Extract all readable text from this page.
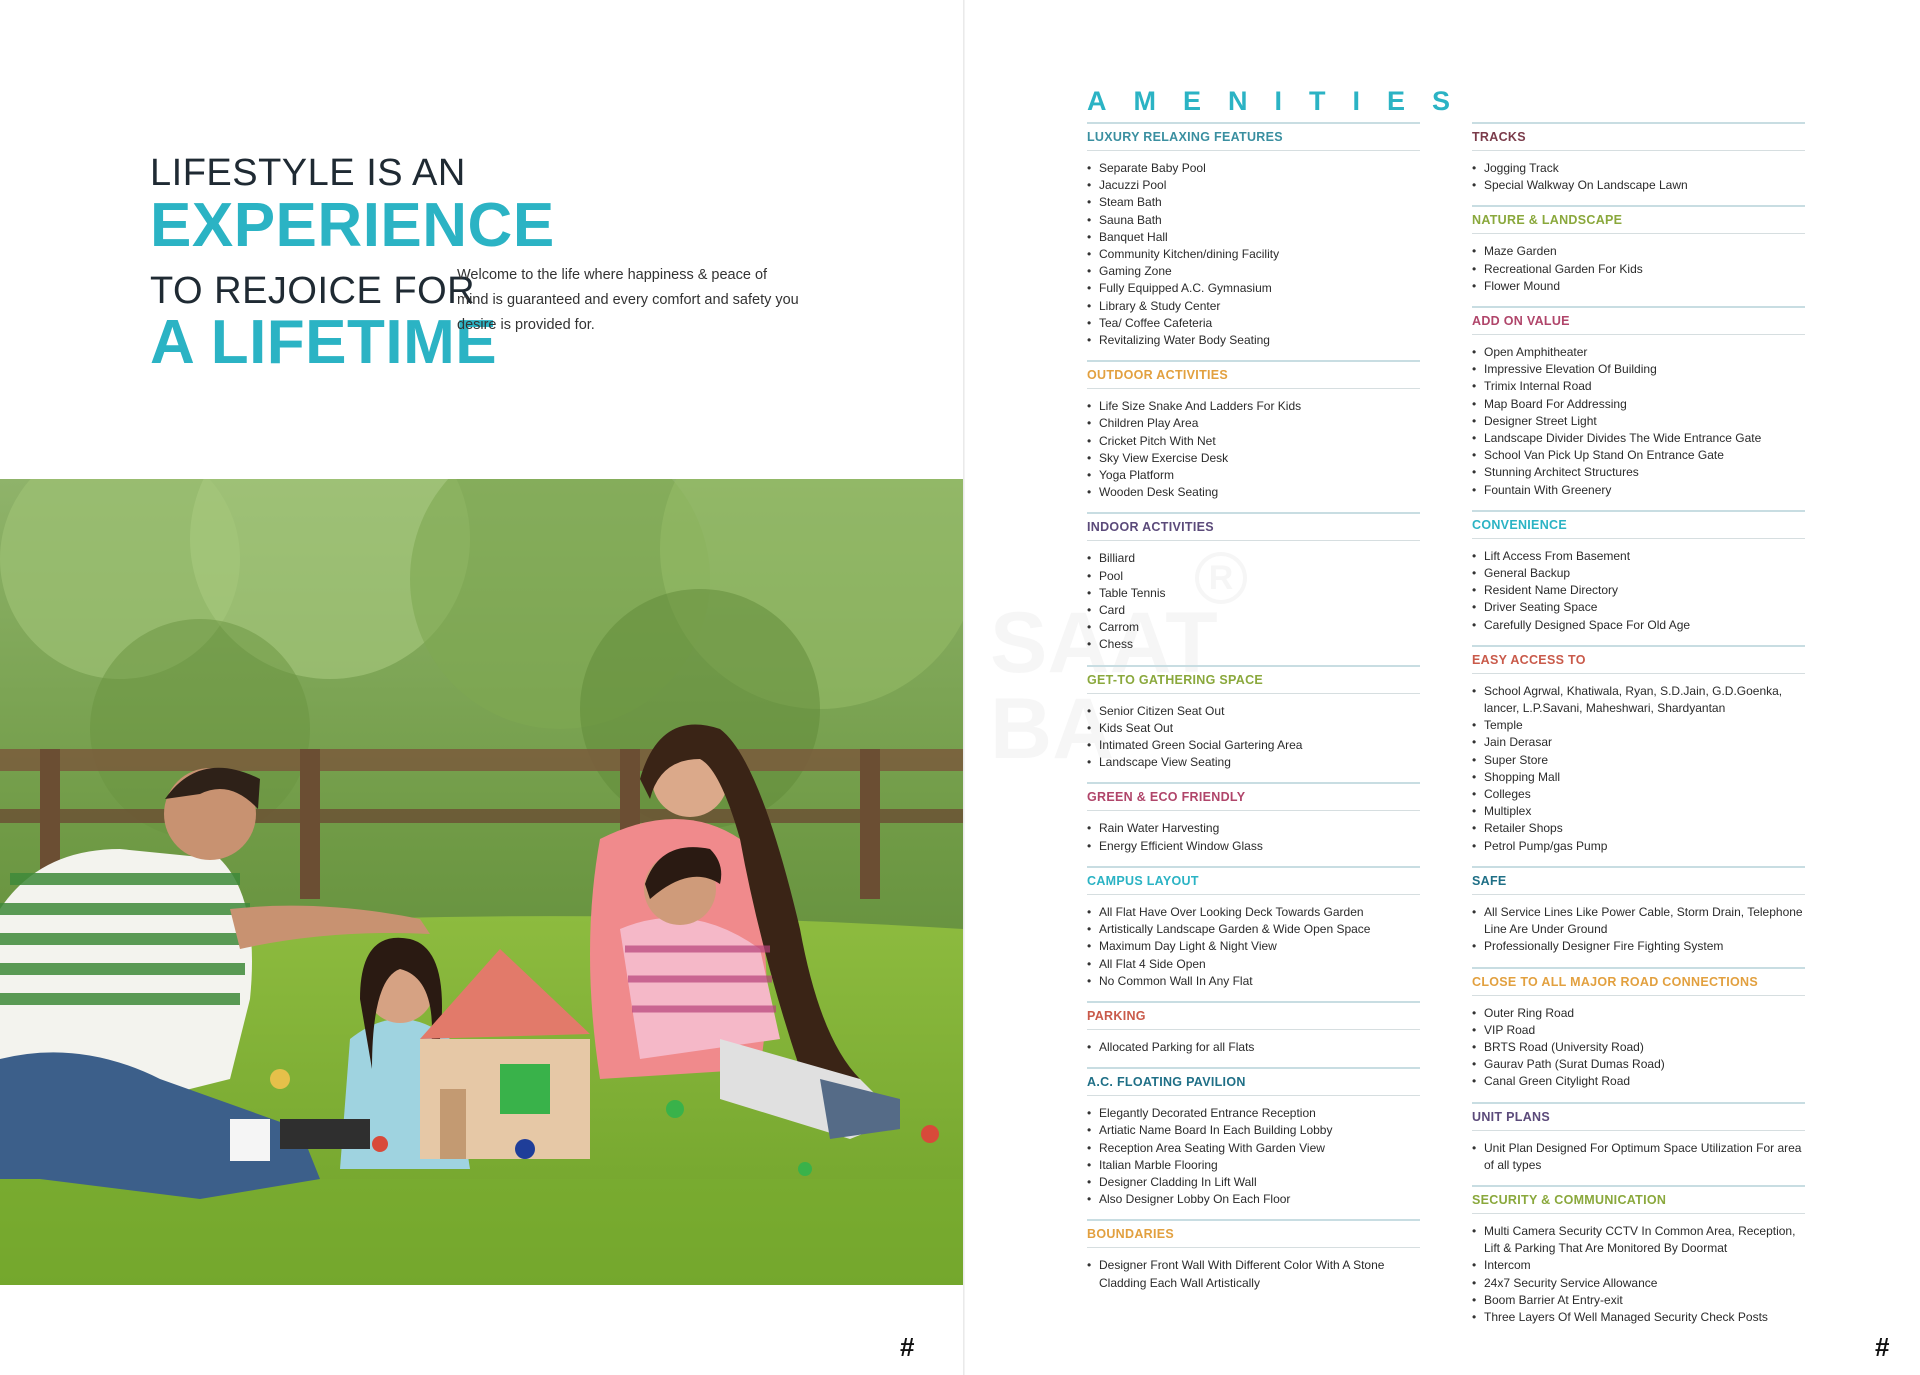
LIFESTYLE IS AN
EXPERIENCE
TO REJOICE FOR
A LIFETIME
Welcome to the life where happiness & peace of mind is guaranteed and every comfort and safety you desire is provided for.
#

AMENITIES
LUXURY RELAXING FEATURES
• Separate Baby Pool
• Jacuzzi Pool
• Steam Bath
• Sauna Bath
• Banquet Hall
• Community Kitchen/dining Facility
• Gaming Zone
• Fully Equipped A.C. Gymnasium
• Library & Study Center
• Tea/ Coffee Cafeteria
• Revitalizing Water Body Seating
OUTDOOR ACTIVITIES
• Life Size Snake And Ladders For Kids
• Children Play Area
• Cricket Pitch With Net
• Sky View Exercise Desk
• Yoga Platform
• Wooden Desk Seating
INDOOR ACTIVITIES
• Billiard
• Pool
• Table Tennis
• Card
• Carrom
• Chess
GET-TO GATHERING SPACE
• Senior Citizen Seat Out
• Kids Seat Out
• Intimated Green Social Gartering Area
• Landscape View Seating
GREEN & ECO FRIENDLY
• Rain Water Harvesting
• Energy Efficient Window Glass
CAMPUS LAYOUT
• All Flat Have Over Looking Deck Towards Garden
• Artistically Landscape Garden & Wide Open Space
• Maximum Day Light & Night View
• All Flat 4 Side Open
• No Common Wall In Any Flat
PARKING
• Allocated Parking for all Flats
A.C. FLOATING PAVILION
• Elegantly Decorated Entrance Reception
• Artiatic Name Board In Each Building Lobby
• Reception Area Seating With Garden View
• Italian Marble Flooring
• Designer Cladding In Lift Wall
• Also Designer Lobby On Each Floor
BOUNDARIES
• Designer Front Wall With Different Color With A Stone Cladding Each Wall Artistically
TRACKS
• Jogging Track
• Special Walkway On Landscape Lawn
NATURE & LANDSCAPE
• Maze Garden
• Recreational Garden For Kids
• Flower Mound
ADD ON VALUE
• Open Amphitheater
• Impressive Elevation Of Building
• Trimix Internal Road
• Map Board For Addressing
• Designer Street Light
• Landscape Divider Divides The Wide Entrance Gate
• School Van Pick Up Stand On Entrance Gate
• Stunning Architect Structures
• Fountain With Greenery
CONVENIENCE
• Lift Access From Basement
• General Backup
• Resident Name Directory
• Driver Seating Space
• Carefully Designed Space For Old Age
EASY ACCESS TO
• School Agrwal, Khatiwala, Ryan, S.D.Jain, G.D.Goenka, lancer, L.P.Savani, Maheshwari, Shardyantan
• Temple
• Jain Derasar
• Super Store
• Shopping Mall
• Colleges
• Multiplex
• Retailer Shops
• Petrol Pump/gas Pump
SAFE
• All Service Lines Like Power Cable, Storm Drain, Telephone Line Are Under Ground
• Professionally Designer Fire Fighting System
CLOSE TO ALL MAJOR ROAD CONNECTIONS
• Outer Ring Road
• VIP Road
• BRTS Road (University Road)
• Gaurav Path (Surat Dumas Road)
• Canal Green Citylight Road
UNIT PLANS
• Unit Plan Designed For Optimum Space Utilization For area of all types
SECURITY & COMMUNICATION
• Multi Camera Security CCTV In Common Area, Reception, Lift & Parking That Are Monitored By Doormat
• Intercom
• 24x7 Security Service Allowance
• Boom Barrier At Entry-exit
• Three Layers Of Well Managed Security Check Posts
#
